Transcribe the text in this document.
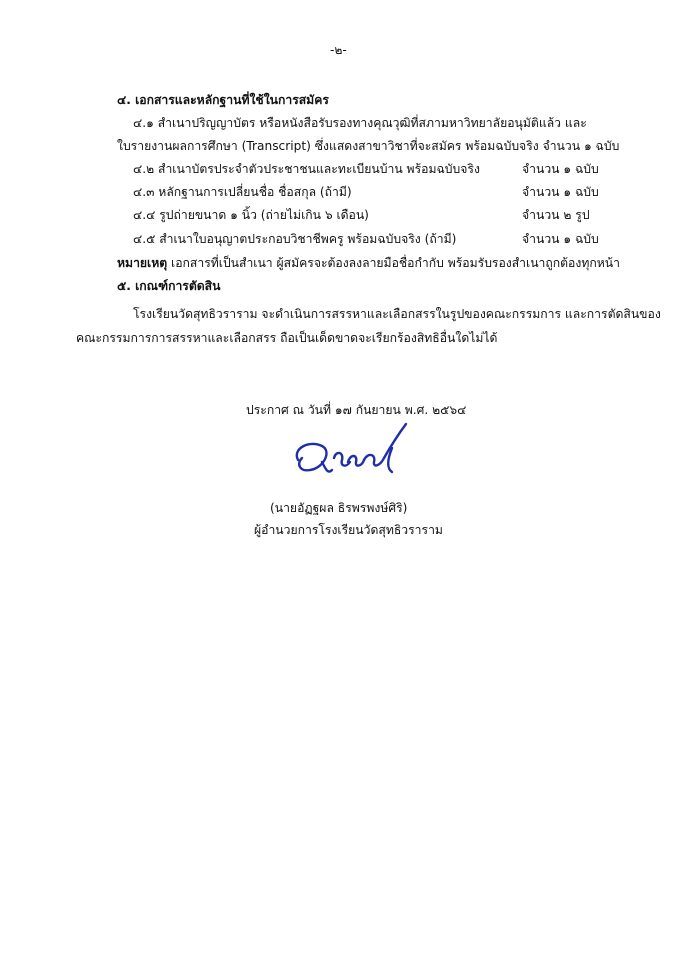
-๒-
๔. เอกสารและหลักฐานที่ใช้ในการสมัคร
๔.๑ สำเนาปริญญาบัตร หรือหนังสือรับรองทางคุณวุฒิที่สภามหาวิทยาลัยอนุมัติแล้ว และ
ใบรายงานผลการศึกษา (Transcript) ซึ่งแสดงสาขาวิชาที่จะสมัคร พร้อมฉบับจริง จำนวน ๑ ฉบับ
๔.๒ สำเนาบัตรประจำตัวประชาชนและทะเบียนบ้าน พร้อมฉบับจริง	จำนวน ๑ ฉบับ
๔.๓ หลักฐานการเปลี่ยนชื่อ ชื่อสกุล (ถ้ามี)	จำนวน ๑ ฉบับ
๔.๔ รูปถ่ายขนาด ๑ นิ้ว (ถ่ายไม่เกิน ๖ เดือน)	จำนวน ๒ รูป
๔.๕ สำเนาใบอนุญาตประกอบวิชาชีพครู พร้อมฉบับจริง (ถ้ามี)	จำนวน ๑ ฉบับ
หมายเหตุ เอกสารที่เป็นสำเนา ผู้สมัครจะต้องลงลายมือชื่อกำกับ พร้อมรับรองสำเนาถูกต้องทุกหน้า
๕. เกณฑ์การตัดสิน
โรงเรียนวัดสุทธิวราราม จะดำเนินการสรรหาและเลือกสรรในรูปของคณะกรรมการ และการตัดสินของ
คณะกรรมการการสรรหาและเลือกสรร ถือเป็นเด็ดขาดจะเรียกร้องสิทธิอื่นใดไม่ได้
ประกาศ ณ วันที่ ๑๗ กันยายน พ.ศ. ๒๕๖๔
(นายอัฏฐผล ธิรพรพงษ์ศิริ)
ผู้อำนวยการโรงเรียนวัดสุทธิวราราม
